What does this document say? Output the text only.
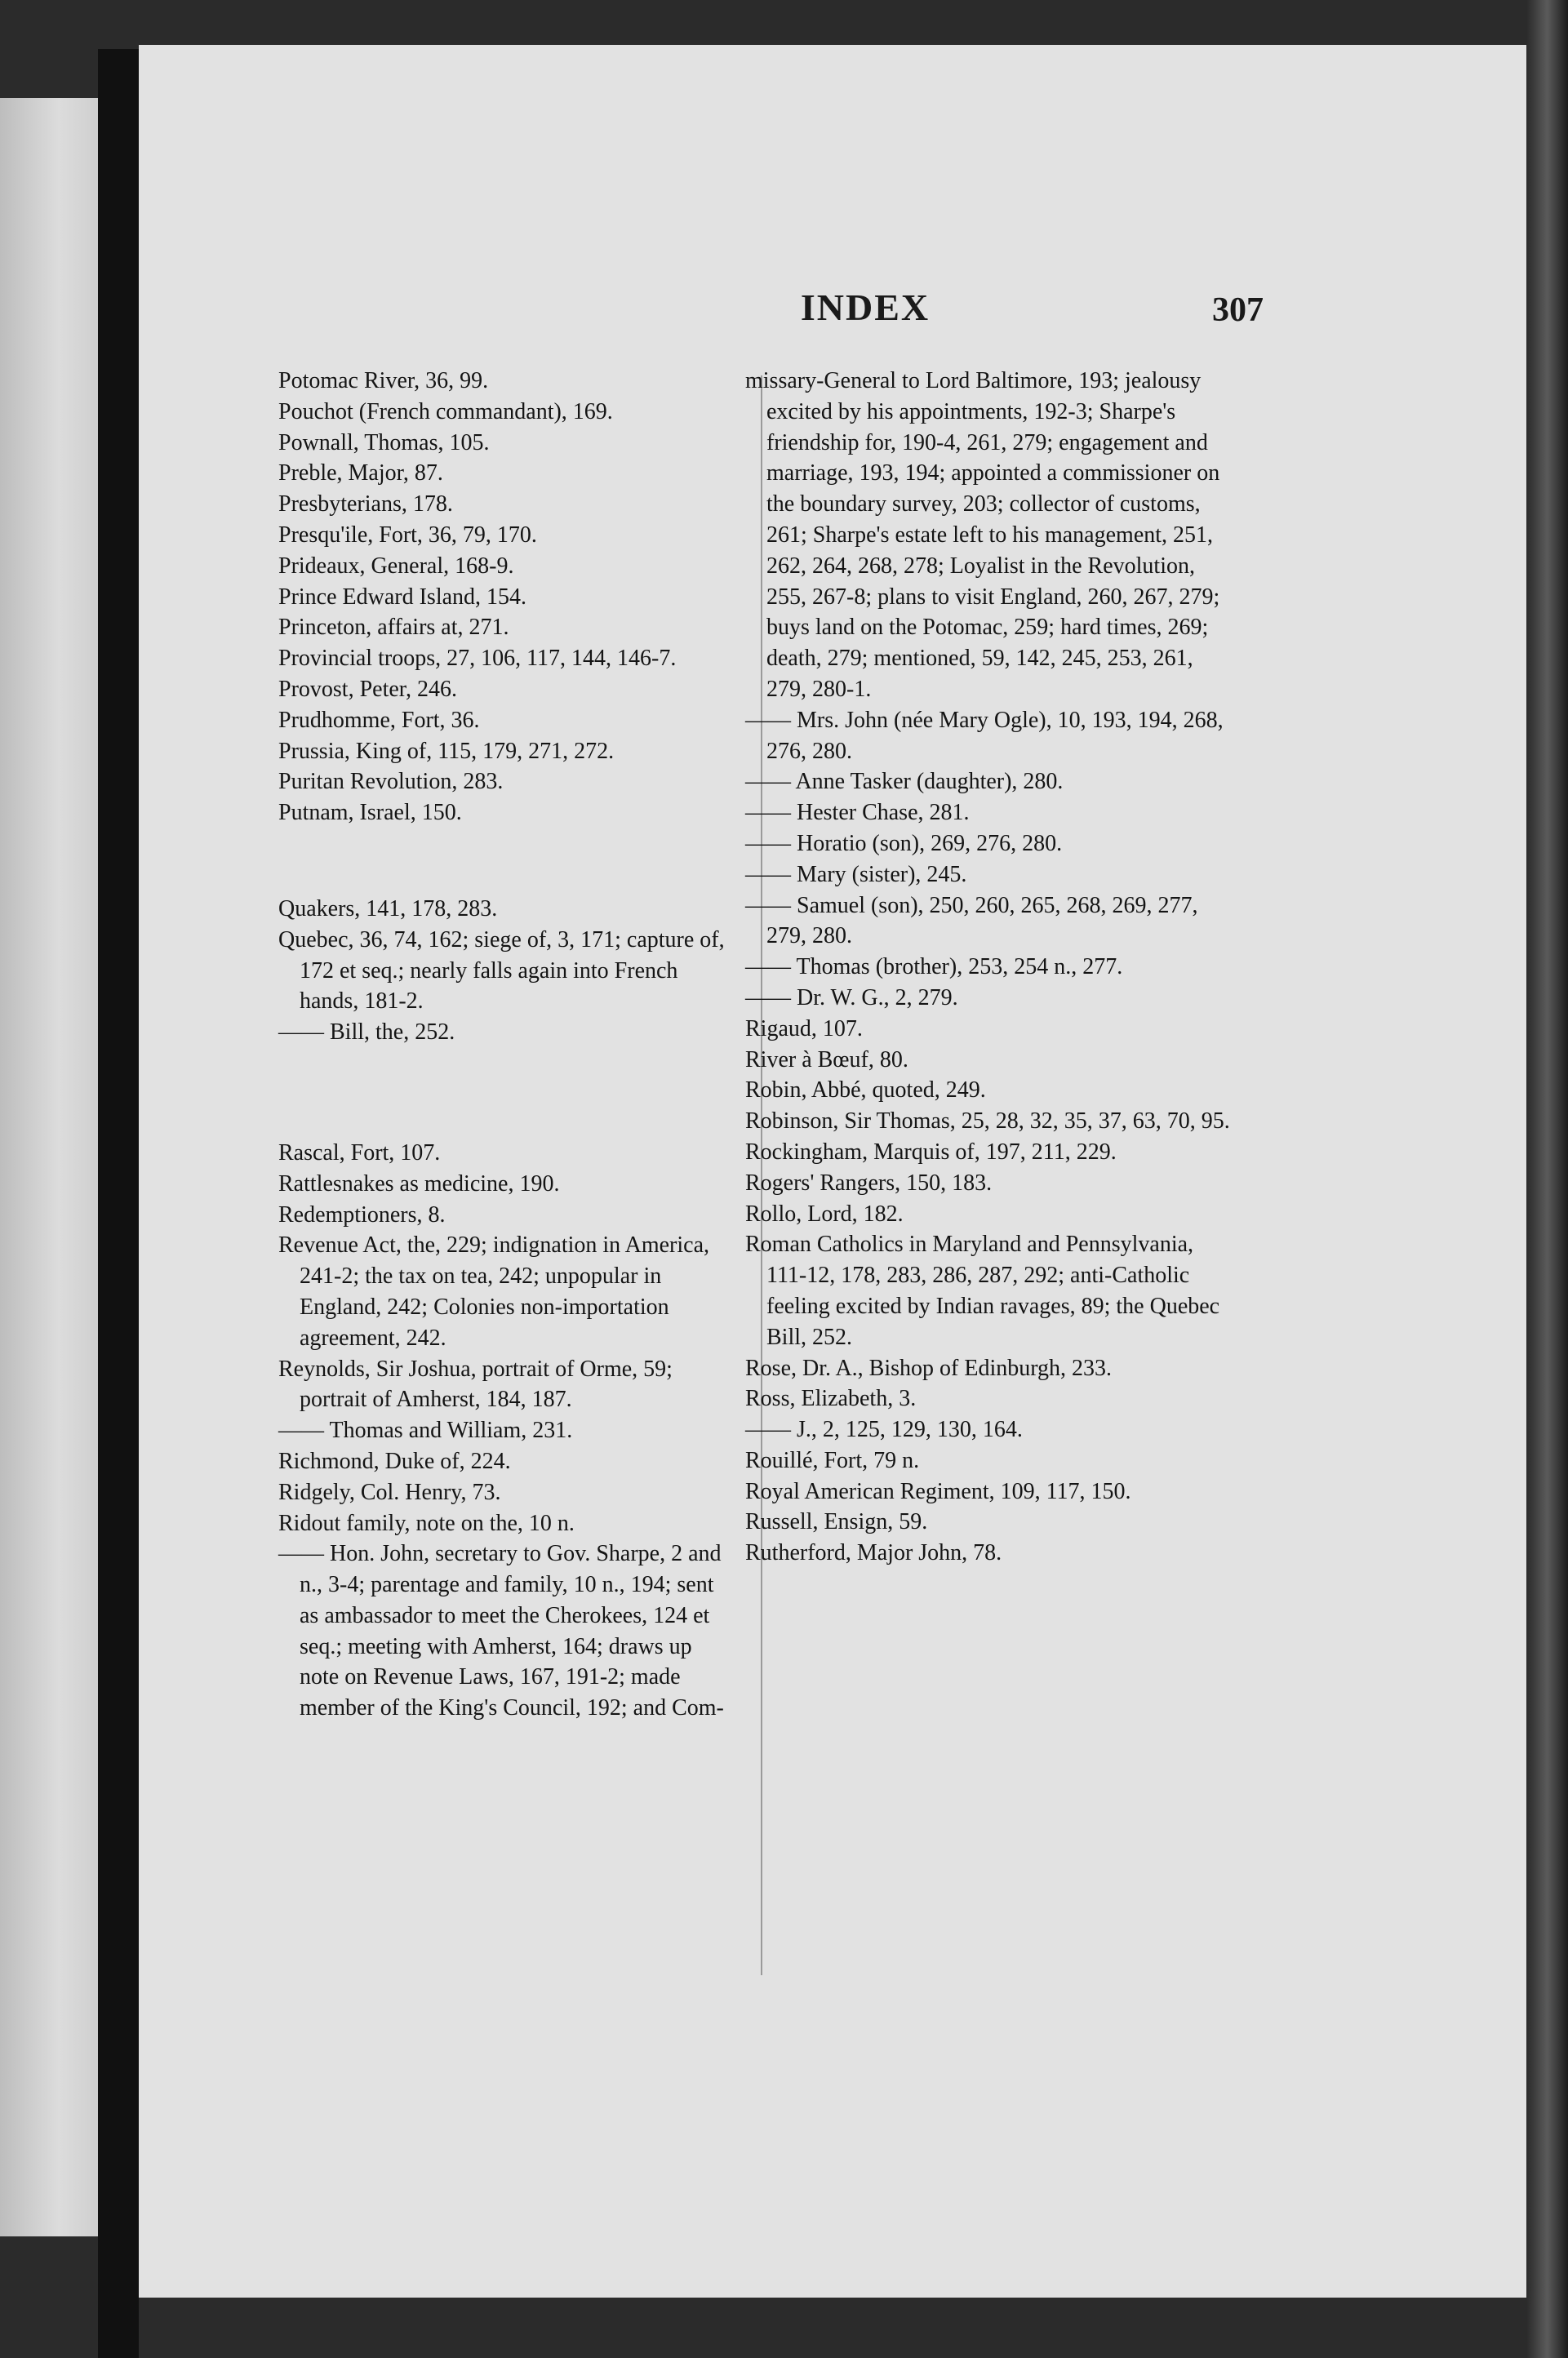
INDEX	307
Potomac River, 36, 99.
Pouchot (French commandant), 169.
Pownall, Thomas, 105.
Preble, Major, 87.
Presbyterians, 178.
Presqu'ile, Fort, 36, 79, 170.
Prideaux, General, 168-9.
Prince Edward Island, 154.
Princeton, affairs at, 271.
Provincial troops, 27, 106, 117, 144, 146-7.
Provost, Peter, 246.
Prudhomme, Fort, 36.
Prussia, King of, 115, 179, 271, 272.
Puritan Revolution, 283.
Putnam, Israel, 150.
Quakers, 141, 178, 283.
Quebec, 36, 74, 162; siege of, 3, 171; capture of, 172 et seq.; nearly falls again into French hands, 181-2.
—— Bill, the, 252.
Rascal, Fort, 107.
Rattlesnakes as medicine, 190.
Redemptioners, 8.
Revenue Act, the, 229; indignation in America, 241-2; the tax on tea, 242; unpopular in England, 242; Colonies non-importation agreement, 242.
Reynolds, Sir Joshua, portrait of Orme, 59; portrait of Amherst, 184, 187.
—— Thomas and William, 231.
Richmond, Duke of, 224.
Ridgely, Col. Henry, 73.
Ridout family, note on the, 10 n.
—— Hon. John, secretary to Gov. Sharpe, 2 and n., 3-4; parentage and family, 10 n., 194; sent as ambassador to meet the Cherokees, 124 et seq.; meeting with Amherst, 164; draws up note on Revenue Laws, 167, 191-2; made member of the King's Council, 192; and Com-
missary-General to Lord Baltimore, 193; jealousy excited by his appointments, 192-3; Sharpe's friendship for, 190-4, 261, 279; engagement and marriage, 193, 194; appointed a commissioner on the boundary survey, 203; collector of customs, 261; Sharpe's estate left to his management, 251, 262, 264, 268, 278; Loyalist in the Revolution, 255, 267-8; plans to visit England, 260, 267, 279; buys land on the Potomac, 259; hard times, 269; death, 279; mentioned, 59, 142, 245, 253, 261, 279, 280-1.
—— Mrs. John (née Mary Ogle), 10, 193, 194, 268, 276, 280.
—— Anne Tasker (daughter), 280.
—— Hester Chase, 281.
—— Horatio (son), 269, 276, 280.
—— Mary (sister), 245.
—— Samuel (son), 250, 260, 265, 268, 269, 277, 279, 280.
—— Thomas (brother), 253, 254 n., 277.
—— Dr. W. G., 2, 279.
Rigaud, 107.
River à Bœuf, 80.
Robin, Abbé, quoted, 249.
Robinson, Sir Thomas, 25, 28, 32, 35, 37, 63, 70, 95.
Rockingham, Marquis of, 197, 211, 229.
Rogers' Rangers, 150, 183.
Rollo, Lord, 182.
Roman Catholics in Maryland and Pennsylvania, 111-12, 178, 283, 286, 287, 292; anti-Catholic feeling excited by Indian ravages, 89; the Quebec Bill, 252.
Rose, Dr. A., Bishop of Edinburgh, 233.
Ross, Elizabeth, 3.
—— J., 2, 125, 129, 130, 164.
Rouillé, Fort, 79 n.
Royal American Regiment, 109, 117, 150.
Russell, Ensign, 59.
Rutherford, Major John, 78.
